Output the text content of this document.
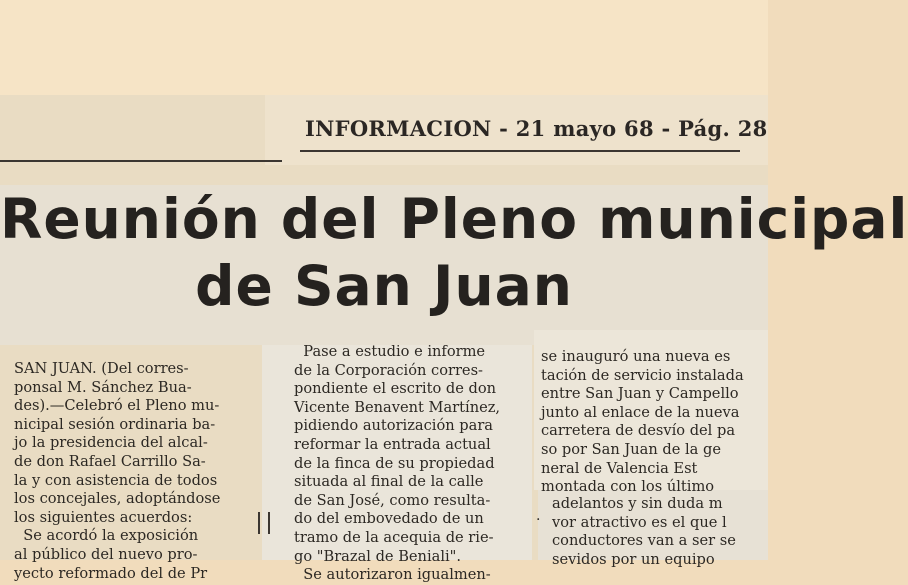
INFORMACION - 21 mayo 68 - Pág. 28
Reunión del Pleno municipal
de San Juan
SAN JUAN. (Del corres-
ponsal M. Sánchez Bua-
des).—Celebró el Pleno mu-
nicipal sesión ordinaria ba-
jo la presidencia del alcal-
de don Rafael Carrillo Sa-
la y con asistencia de todos
los concejales, adoptándose
los siguientes acuerdos:
Se acordó la exposición
al público del nuevo pro-
yecto reformado del de Pr
Pase a estudio e informe
de la Corporación corres-
pondiente el escrito de don
Vicente Benavent Martínez,
pidiendo autorización para
reformar la entrada actual
de la finca de su propiedad
situada al final de la calle
de San José, como resulta-
do del embovedado de un
tramo de la acequia de rie-
go "Brazal de Beniali".
Se autorizaron igualmen-
se inauguró una nueva es
tación de servicio instalada
entre San Juan y Campello
junto al enlace de la nueva
carretera de desvío del pa
so por San Juan de la ge
neral de Valencia Est
montada con los último
.
adelantos y sin duda m
vor atractivo es el que l
conductores van a ser se
sevidos por un equipo
